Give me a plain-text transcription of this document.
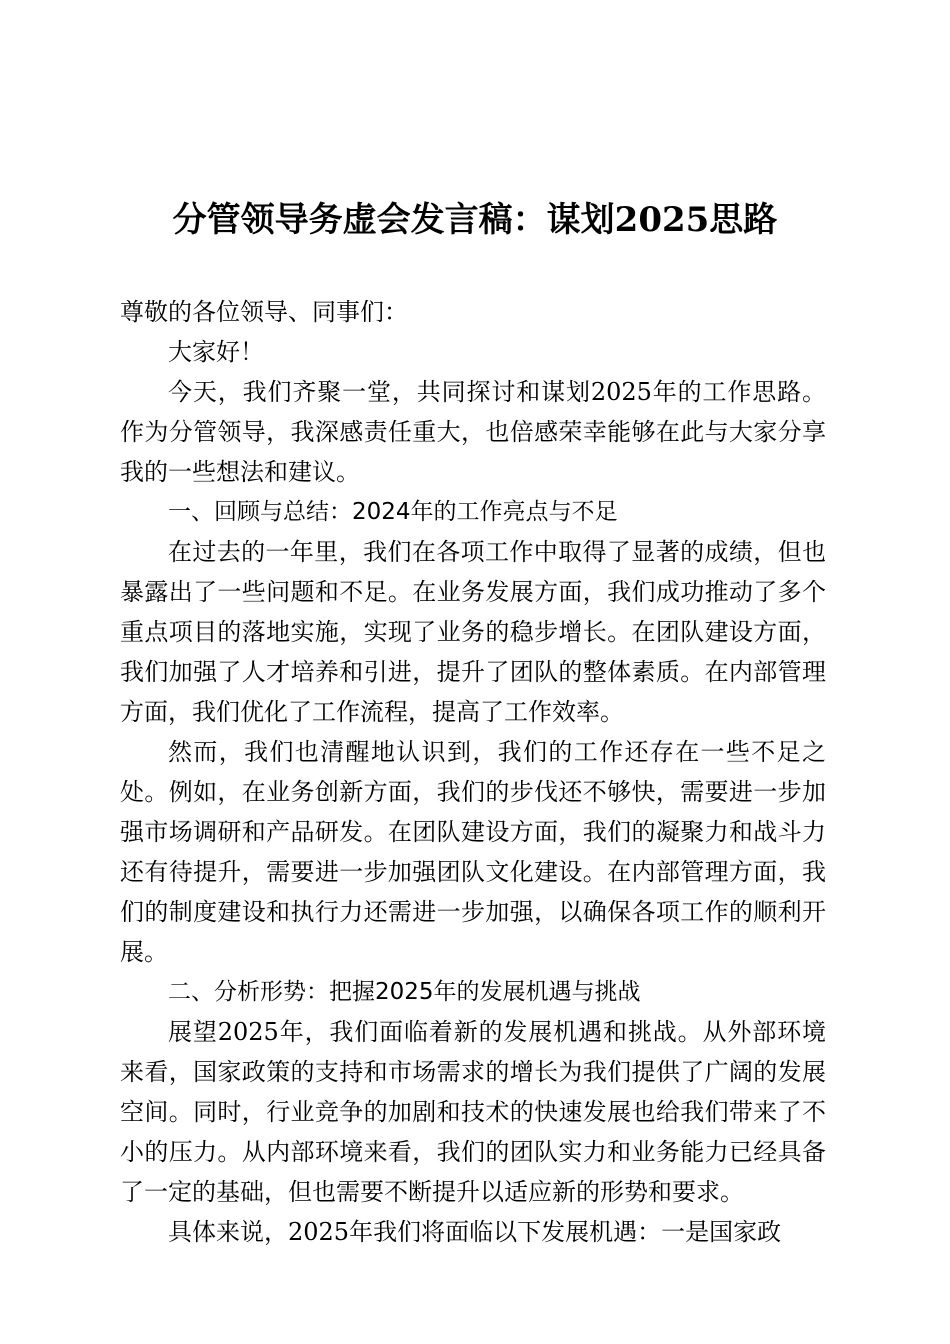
分管领导务虚会发言稿：谋划2025思路

尊敬的各位领导、同事们：

大家好！

今天，我们齐聚一堂，共同探讨和谋划2025年的工作思路。作为分管领导，我深感责任重大，也倍感荣幸能够在此与大家分享我的一些想法和建议。

一、回顾与总结：2024年的工作亮点与不足

在过去的一年里，我们在各项工作中取得了显著的成绩，但也暴露出了一些问题和不足。在业务发展方面，我们成功推动了多个重点项目的落地实施，实现了业务的稳步增长。在团队建设方面，我们加强了人才培养和引进，提升了团队的整体素质。在内部管理方面，我们优化了工作流程，提高了工作效率。

然而，我们也清醒地认识到，我们的工作还存在一些不足之处。例如，在业务创新方面，我们的步伐还不够快，需要进一步加强市场调研和产品研发。在团队建设方面，我们的凝聚力和战斗力还有待提升，需要进一步加强团队文化建设。在内部管理方面，我们的制度建设和执行力还需进一步加强，以确保各项工作的顺利开展。

二、分析形势：把握2025年的发展机遇与挑战

展望2025年，我们面临着新的发展机遇和挑战。从外部环境来看，国家政策的支持和市场需求的增长为我们提供了广阔的发展空间。同时，行业竞争的加剧和技术的快速发展也给我们带来了不小的压力。从内部环境来看，我们的团队实力和业务能力已经具备了一定的基础，但也需要不断提升以适应新的形势和要求。

具体来说，2025年我们将面临以下发展机遇：一是国家政
